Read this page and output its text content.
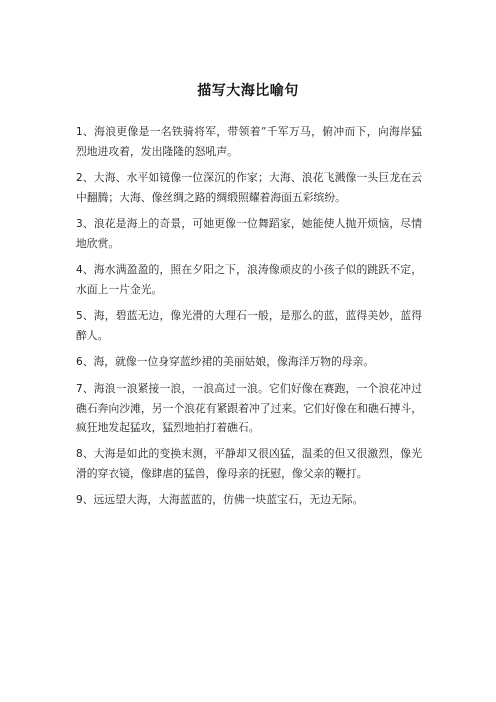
描写大海比喻句

1、海浪更像是一名铁骑将军，带领着”千军万马，俯冲而下，向海岸猛烈地进攻着，发出隆隆的怒吼声。

2、大海、水平如镜像一位深沉的作家；大海、浪花飞溅像一头巨龙在云中翻腾；大海、像丝绸之路的绸缎照耀着海面五彩缤纷。

3、浪花是海上的奇景，可她更像一位舞蹈家，她能使人抛开烦恼，尽情地欣赏。

4、海水满盈盈的，照在夕阳之下，浪涛像顽皮的小孩子似的跳跃不定，水面上一片金光。

5、海，碧蓝无边，像光滑的大理石一般，是那么的蓝，蓝得美妙，蓝得醉人。

6、海，就像一位身穿蓝纱裙的美丽姑娘，像海洋万物的母亲。

7、海浪一浪紧接一浪，一浪高过一浪。它们好像在赛跑，一个浪花冲过礁石奔向沙滩，另一个浪花有紧跟着冲了过来。它们好像在和礁石搏斗，疯狂地发起猛攻，猛烈地拍打着礁石。

8、大海是如此的变换末测，平静却又很凶猛，温柔的但又很激烈，像光滑的穿衣镜，像肆虐的猛兽，像母亲的抚慰，像父亲的鞭打。

9、远远望大海，大海蓝蓝的，仿佛一块蓝宝石，无边无际。
